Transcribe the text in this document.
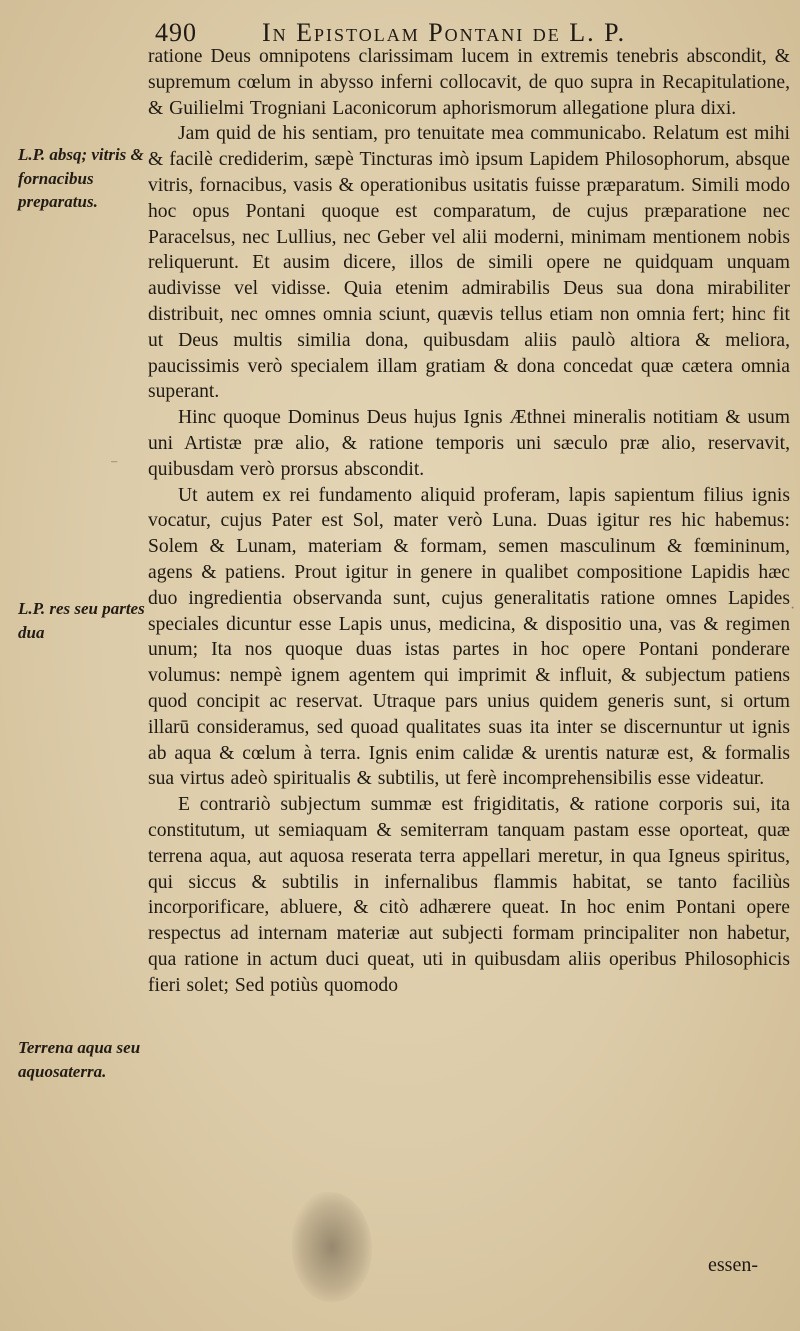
490	In Epistolam Pontani de L. P.
L.P. absq; vitris & fornacibus preparatus.
L.P. res seu partes dua
Terrena aqua seu aquosaterra.

ratione Deus omnipotens clarissimam lucem in extremis tenebris abscondit, & supremum cœlum in abysso inferni collocavit, de quo supra in Recapitulatione, & Guilielmi Trogniani Laconicorum aphorismorum allegatione plura dixi.

Jam quid de his sentiam, pro tenuitate mea communicabo. Relatum est mihi & facilè crediderim, sæpè Tincturas imò ipsum Lapidem Philosophorum, absque vitris, fornacibus, vasis & operationibus usitatis fuisse præparatum. Simili modo hoc opus Pontani quoque est comparatum, de cujus præparatione nec Paracelsus, nec Lullius, nec Geber vel alii moderni, minimam mentionem nobis reliquerunt. Et ausim dicere, illos de simili opere ne quidquam unquam audivisse vel vidisse. Quia etenim admirabilis Deus sua dona mirabiliter distribuit, nec omnes omnia sciunt, quævis tellus etiam non omnia fert; hinc fit ut Deus multis similia dona, quibusdam aliis paulò altiora & meliora, paucissimis verò specialem illam gratiam & dona concedat quæ cætera omnia superant.

Hinc quoque Dominus Deus hujus Ignis Æthnei mineralis notitiam & usum uni Artistæ præ alio, & ratione temporis uni sæculo præ alio, reservavit, quibusdam verò prorsus abscondit.

Ut autem ex rei fundamento aliquid proferam, lapis sapientum filius ignis vocatur, cujus Pater est Sol, mater verò Luna. Duas igitur res hic habemus: Solem & Lunam, materiam & formam, semen masculinum & fœmininum, agens & patiens. Prout igitur in genere in qualibet compositione Lapidis hæc duo ingredientia observanda sunt, cujus generalitatis ratione omnes Lapides speciales dicuntur esse Lapis unus, medicina, & dispositio una, vas & regimen unum; Ita nos quoque duas istas partes in hoc opere Pontani ponderare volumus: nempè ignem agentem qui imprimit & influit, & subjectum patiens quod concipit ac reservat. Utraque pars unius quidem generis sunt, si ortum illarū consideramus, sed quoad qualitates suas ita inter se discernuntur ut ignis ab aqua & cœlum à terra. Ignis enim calidæ & urentis naturæ est, & formalis sua virtus adeò spiritualis & subtilis, ut ferè incomprehensibilis esse videatur.

E contrariò subjectum summæ est frigiditatis, & ratione corporis sui, ita constitutum, ut semiaquam & semiterram tanquam pastam esse oporteat, quæ terrena aqua, aut aquosa reserata terra appellari meretur, in qua Igneus spiritus, qui siccus & subtilis in infernalibus flammis habitat, se tanto faciliùs incorporificare, abluere, & citò adhærere queat. In hoc enim Pontani opere respectus ad internam materiæ aut subjecti formam principaliter non habetur, qua ratione in actum duci queat, uti in quibusdam aliis operibus Philosophicis fieri solet; Sed potiùs quomodo

essen-
⁻
·
